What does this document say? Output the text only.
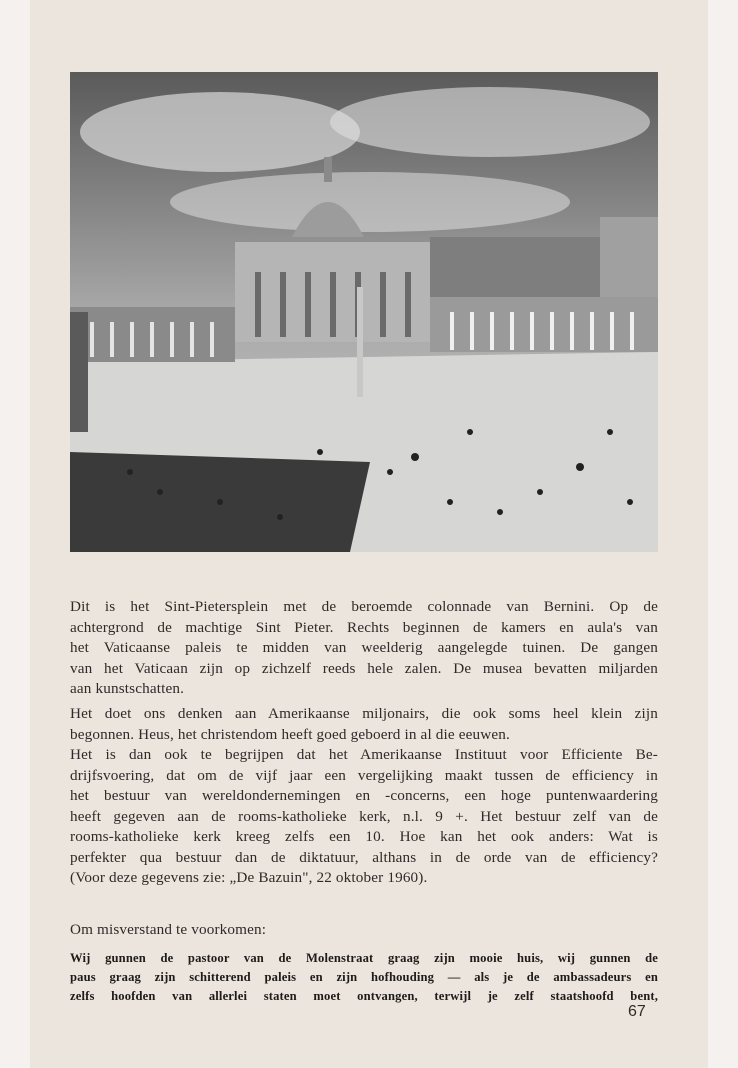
Dit is het Sint-Pietersplein met de beroemde colonnade van Bernini. Op de
achtergrond de machtige Sint Pieter. Rechts beginnen de kamers en aula's van
het Vaticaanse paleis te midden van weelderig aangelegde tuinen. De gangen
van het Vaticaan zijn op zichzelf reeds hele zalen. De musea bevatten miljarden
aan kunstschatten.
Het doet ons denken aan Amerikaanse miljonairs, die ook soms heel klein zijn
begonnen. Heus, het christendom heeft goed geboerd in al die eeuwen.
Het is dan ook te begrijpen dat het Amerikaanse Instituut voor Efficiente Be-
drijfsvoering, dat om de vijf jaar een vergelijking maakt tussen de efficiency in
het bestuur van wereldondernemingen en -concerns, een hoge puntenwaardering
heeft gegeven aan de rooms-katholieke kerk, n.l. 9 +. Het bestuur zelf van de
rooms-katholieke kerk kreeg zelfs een 10. Hoe kan het ook anders: Wat is
perfekter qua bestuur dan de diktatuur, althans in de orde van de efficiency?
(Voor deze gegevens zie: „De Bazuin", 22 oktober 1960).
Om misverstand te voorkomen:
Wij gunnen de pastoor van de Molenstraat graag zijn mooie huis, wij gunnen de
paus graag zijn schitterend paleis en zijn hofhouding — als je de ambassadeurs en
zelfs hoofden van allerlei staten moet ontvangen, terwijl je zelf staatshoofd bent,
67
